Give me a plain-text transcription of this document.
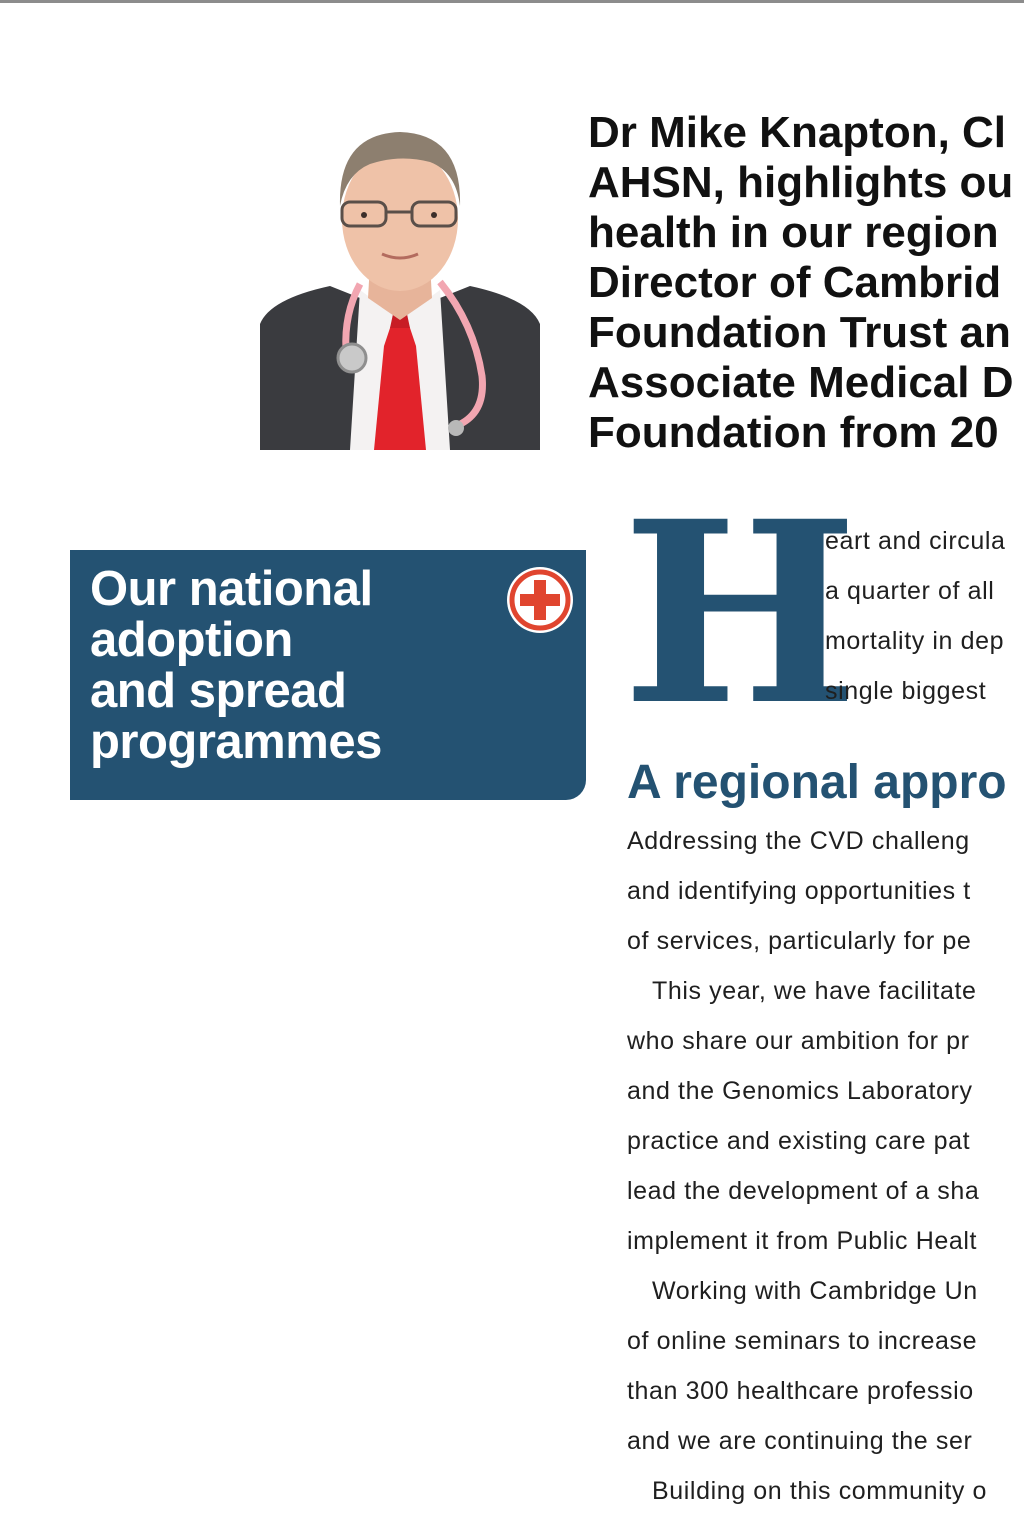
Dr Mike Knapton, Cl
AHSN, highlights ou
health in our region
Director of Cambrid
Foundation Trust an
Associate Medical D
Foundation from 20
Our national
adoption
and spread
programmes H
eart and circula
a quarter of all
mortality in dep
single biggest
A regional appro
Addressing the CVD challeng
and identifying opportunities t
of services, particularly for pe
This year, we have facilitate
who share our ambition for pr
and the Genomics Laboratory
practice and existing care pat
lead the development of a sha
implement it from Public Healt
Working with Cambridge Un
of online seminars to increase
than 300 healthcare professio
and we are continuing the ser
Building on this community o
